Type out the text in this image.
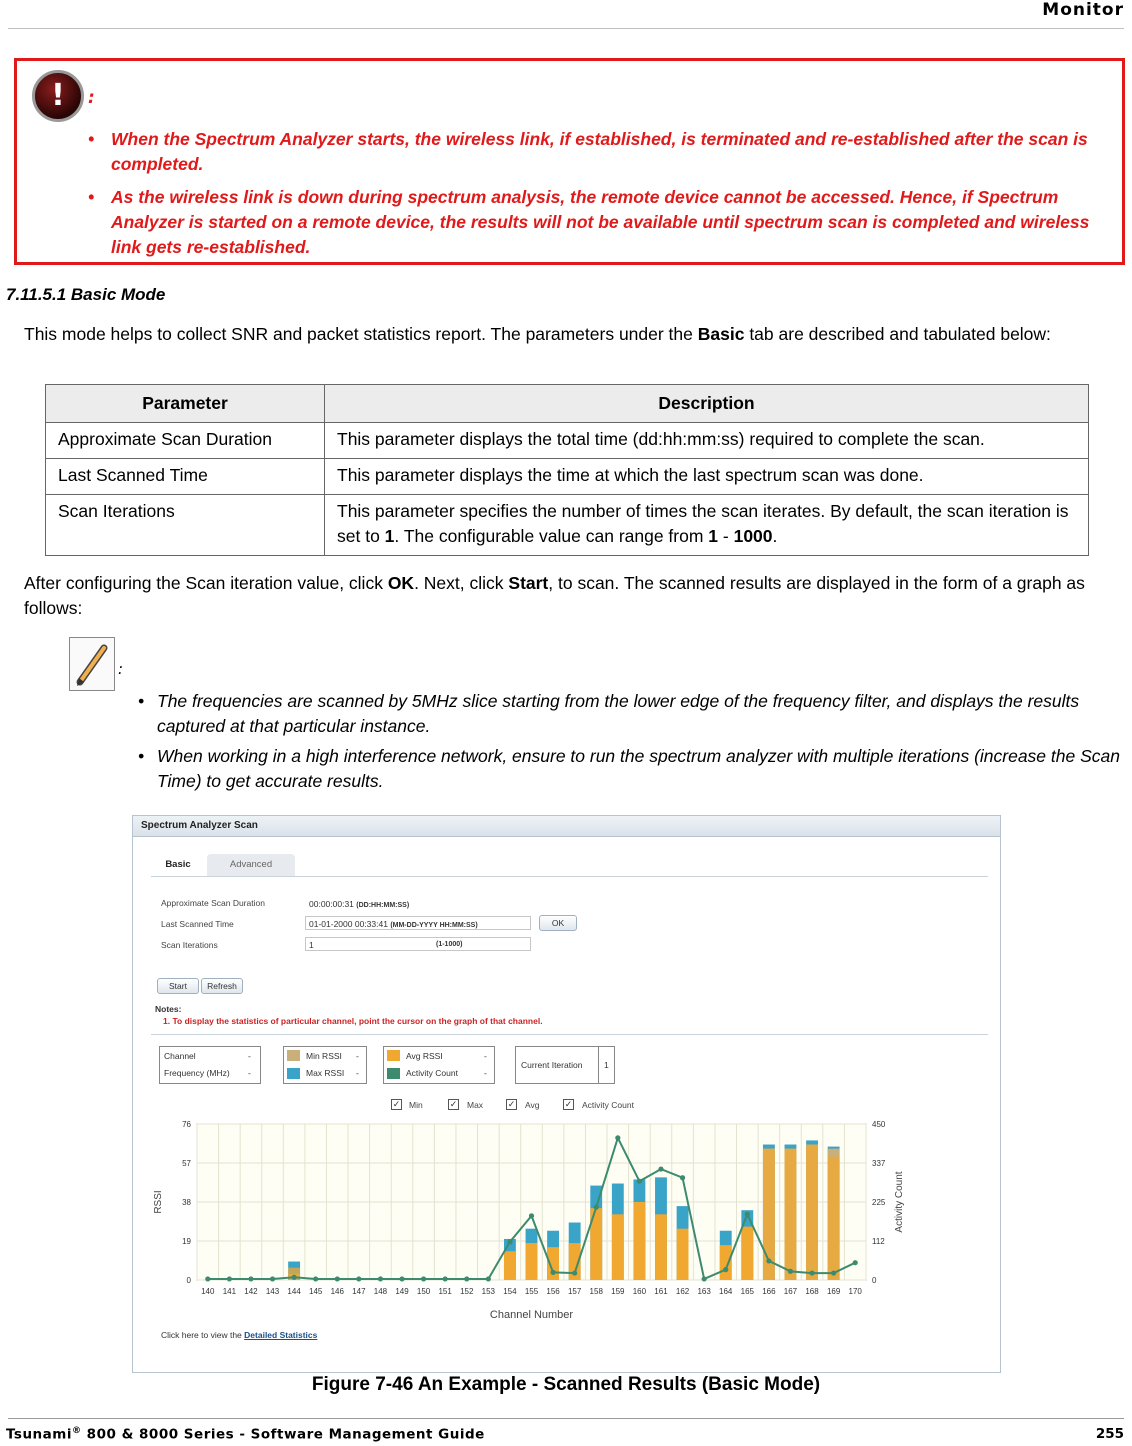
Monitor
!	:
• When the Spectrum Analyzer starts, the wireless link, if established, is terminated and re-established after the scan is completed.
• As the wireless link is down during spectrum analysis, the remote device cannot be accessed. Hence, if Spectrum Analyzer is started on a remote device, the results will not be available until spectrum scan is completed and wireless link gets re-established.
7.11.5.1 Basic Mode
This mode helps to collect SNR and packet statistics report. The parameters under the Basic tab are described and tabulated below:
Parameter	Description
Approximate Scan Duration	This parameter displays the total time (dd:hh:mm:ss) required to complete the scan.
Last Scanned Time	This parameter displays the time at which the last spectrum scan was done.
Scan Iterations	This parameter specifies the number of times the scan iterates. By default, the scan iteration is set to 1. The configurable value can range from 1 - 1000.
After configuring the Scan iteration value, click OK. Next, click Start, to scan. The scanned results are displayed in the form of a graph as follows:
:
• The frequencies are scanned by 5MHz slice starting from the lower edge of the frequency filter, and displays the results captured at that particular instance.
• When working in a high interference network, ensure to run the spectrum analyzer with multiple iterations (increase the Scan Time) to get accurate results.
Spectrum Analyzer Scan
Basic	Advanced
Approximate Scan Duration	00:00:00:31 (DD:HH:MM:SS)
Last Scanned Time	01-01-2000 00:33:41 (MM-DD-YYYY HH:MM:SS)	OK
Scan Iterations	1	(1-1000)
Start	Refresh
Notes:
1. To display the statistics of particular channel, point the cursor on the graph of that channel.
Channel	-
Frequency (MHz) -
Min RSSI -
Max RSSI -
Avg RSSI	-
Activity Count	-
Current Iteration	1
✓ Min	✓ Max	✓ Avg	✓ Activity Count
0
19
38
57
76
0
112
225
337
450
140 141 142 143 144 145 146 147 148 149 150 151 152 153 154 155 156 157 158 159 160 161 162 163 164 165 166 167 168 169 170
RSSI	Activity Count
Channel Number
Click here to view the Detailed Statistics
Figure 7-46 An Example - Scanned Results (Basic Mode)
Tsunami® 800 & 8000 Series - Software Management Guide	255
